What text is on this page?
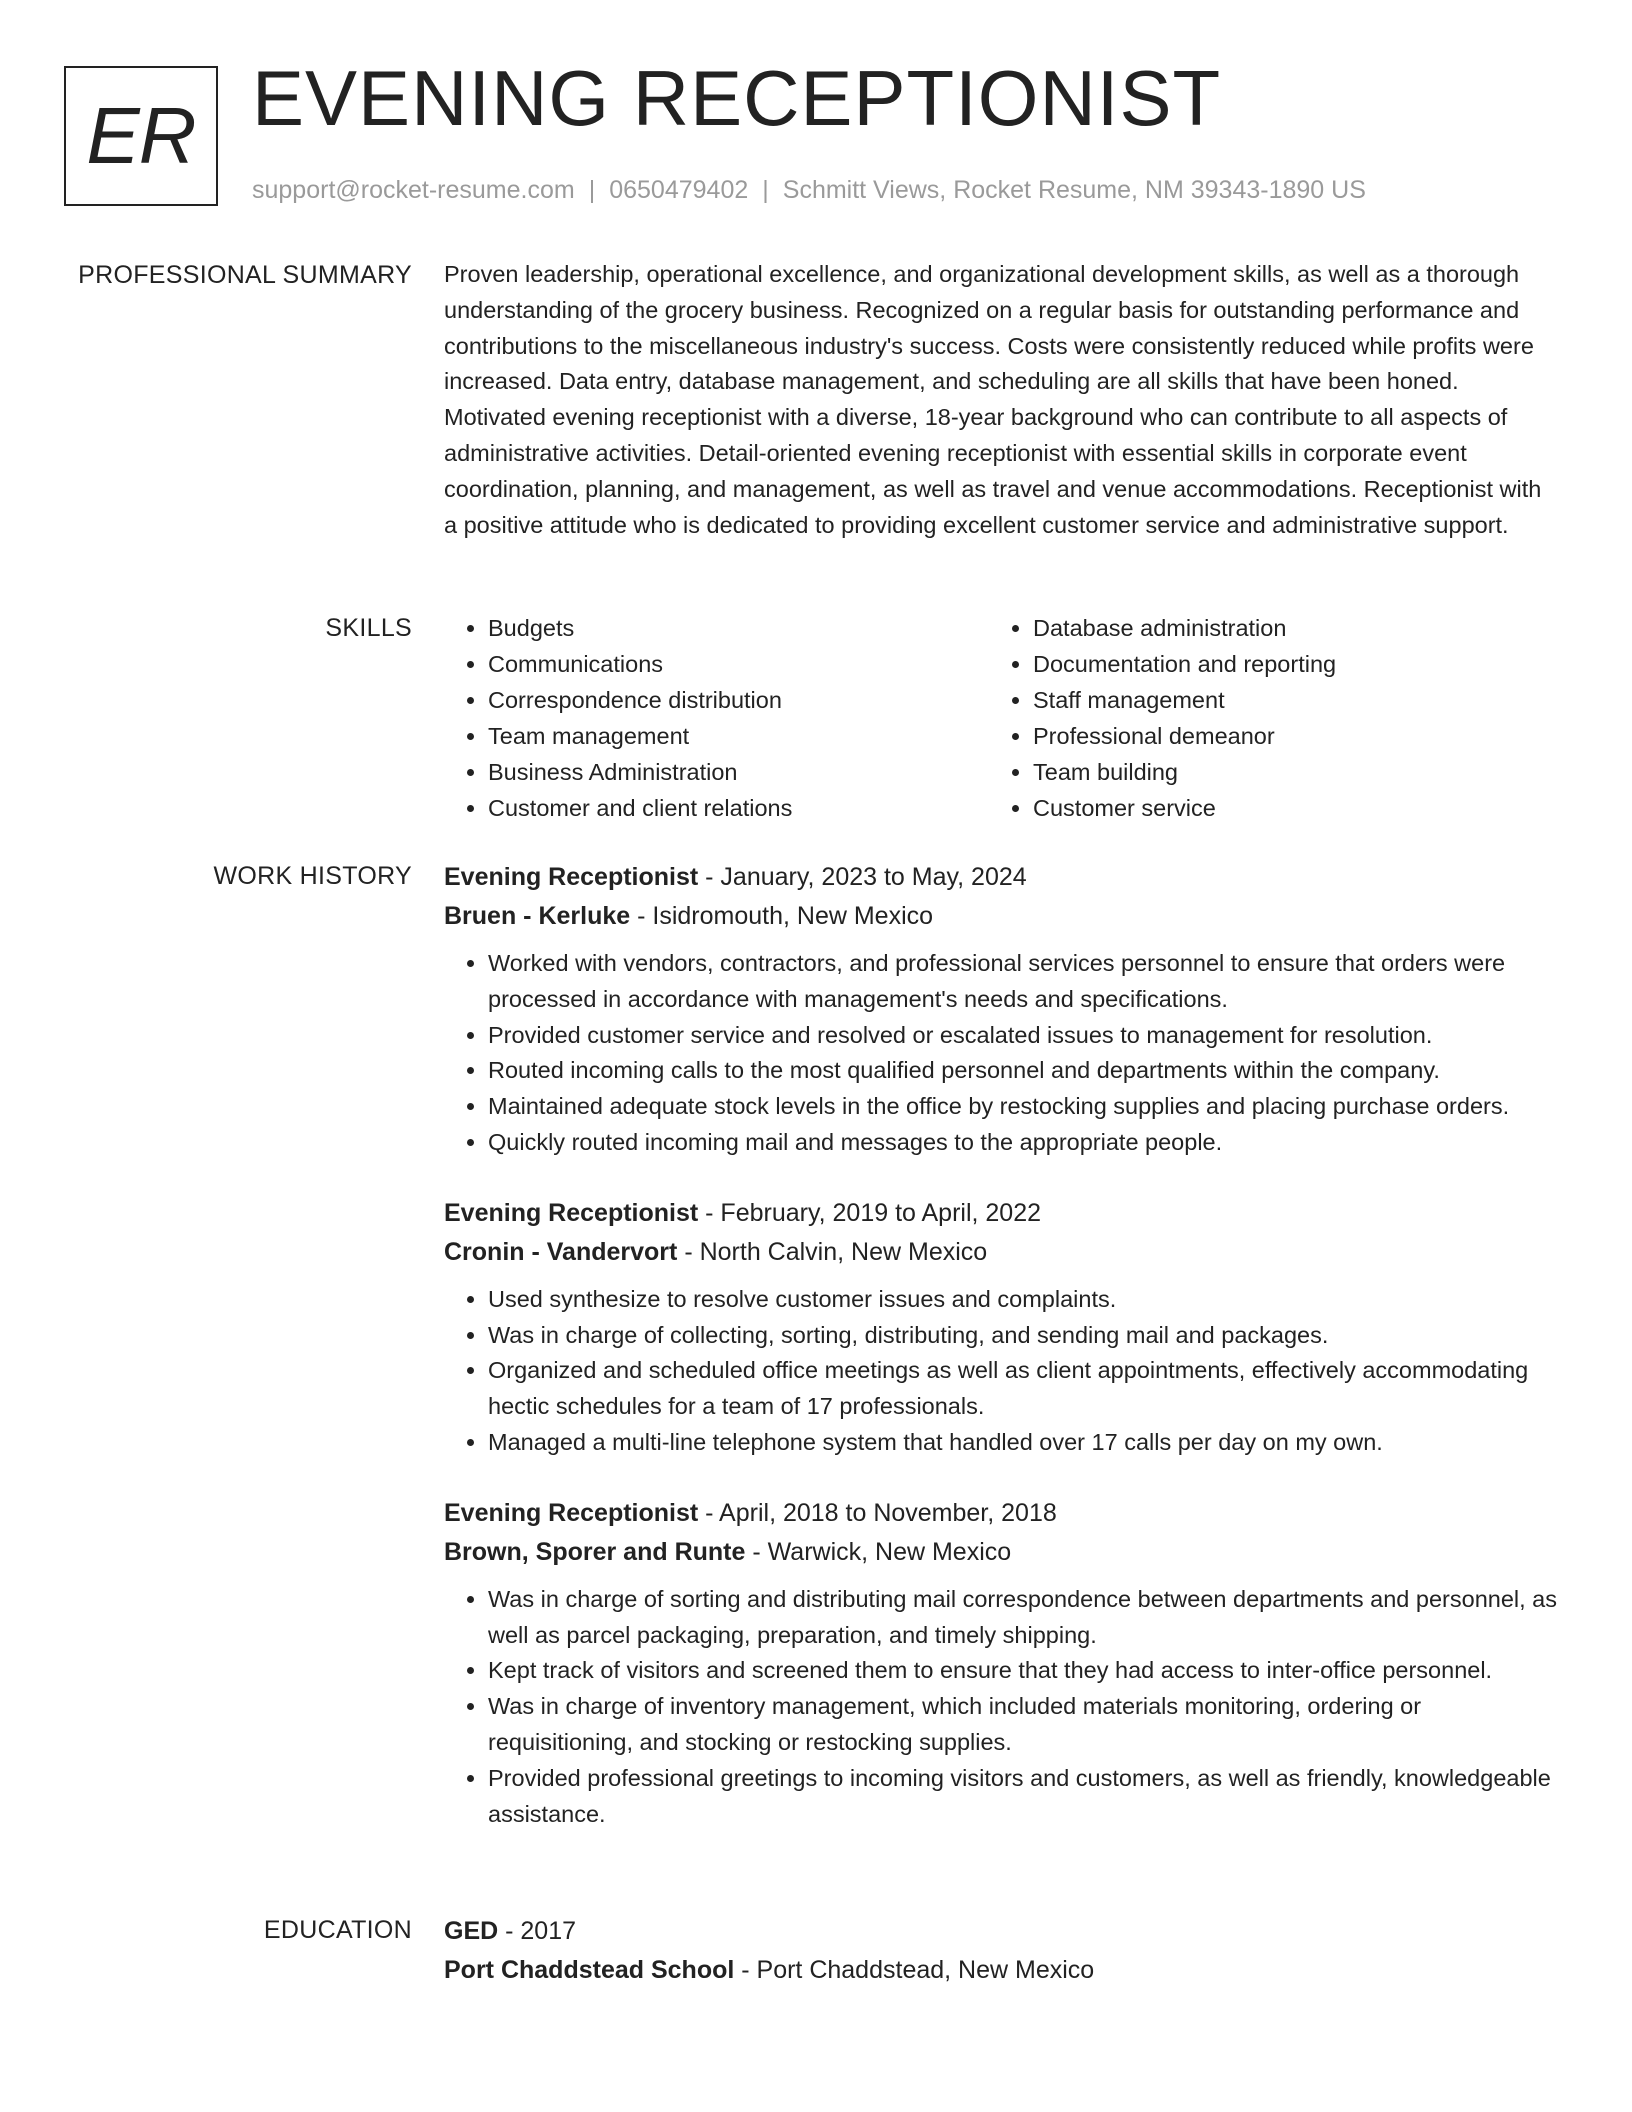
ER EVENING RECEPTIONIST
support@rocket-resume.com | 0650479402 | Schmitt Views, Rocket Resume, NM 39343-1890 US
PROFESSIONAL SUMMARY Proven leadership, operational excellence, and organizational development skills, as well as a thorough understanding of the grocery business. Recognized on a regular basis for outstanding performance and contributions to the miscellaneous industry's success. Costs were consistently reduced while profits were increased. Data entry, database management, and scheduling are all skills that have been honed. Motivated evening receptionist with a diverse, 18-year background who can contribute to all aspects of administrative activities. Detail-oriented evening receptionist with essential skills in corporate event coordination, planning, and management, as well as travel and venue accommodations. Receptionist with a positive attitude who is dedicated to providing excellent customer service and administrative support.

SKILLS
•	Budgets
• Communications
• Correspondence distribution
• Team management
• Business Administration
• Customer and client relations
• Database administration
• Documentation and reporting
• Staff management
• Professional demeanor
• Team building
• Customer service
WORK HISTORY Evening Receptionist - January, 2023 to May, 2024
Bruen - Kerluke - Isidromouth, New Mexico
• Worked with vendors, contractors, and professional services personnel to ensure that orders were processed in accordance with management's needs and specifications.
• Provided customer service and resolved or escalated issues to management for resolution.
• Routed incoming calls to the most qualified personnel and departments within the company.
• Maintained adequate stock levels in the office by restocking supplies and placing purchase orders.
• Quickly routed incoming mail and messages to the appropriate people.
Evening Receptionist - February, 2019 to April, 2022
Cronin - Vandervort - North Calvin, New Mexico
• Used synthesize to resolve customer issues and complaints.
• Was in charge of collecting, sorting, distributing, and sending mail and packages.
• Organized and scheduled office meetings as well as client appointments, effectively accommodating hectic schedules for a team of 17 professionals.
• Managed a multi-line telephone system that handled over 17 calls per day on my own.
Evening Receptionist - April, 2018 to November, 2018
Brown, Sporer and Runte - Warwick, New Mexico
• Was in charge of sorting and distributing mail correspondence between departments and personnel, as well as parcel packaging, preparation, and timely shipping.
• Kept track of visitors and screened them to ensure that they had access to inter-office personnel.
• Was in charge of inventory management, which included materials monitoring, ordering or requisitioning, and stocking or restocking supplies.
• Provided professional greetings to incoming visitors and customers, as well as friendly, knowledgeable assistance.
EDUCATION GED - 2017
Port Chaddstead School - Port Chaddstead, New Mexico
